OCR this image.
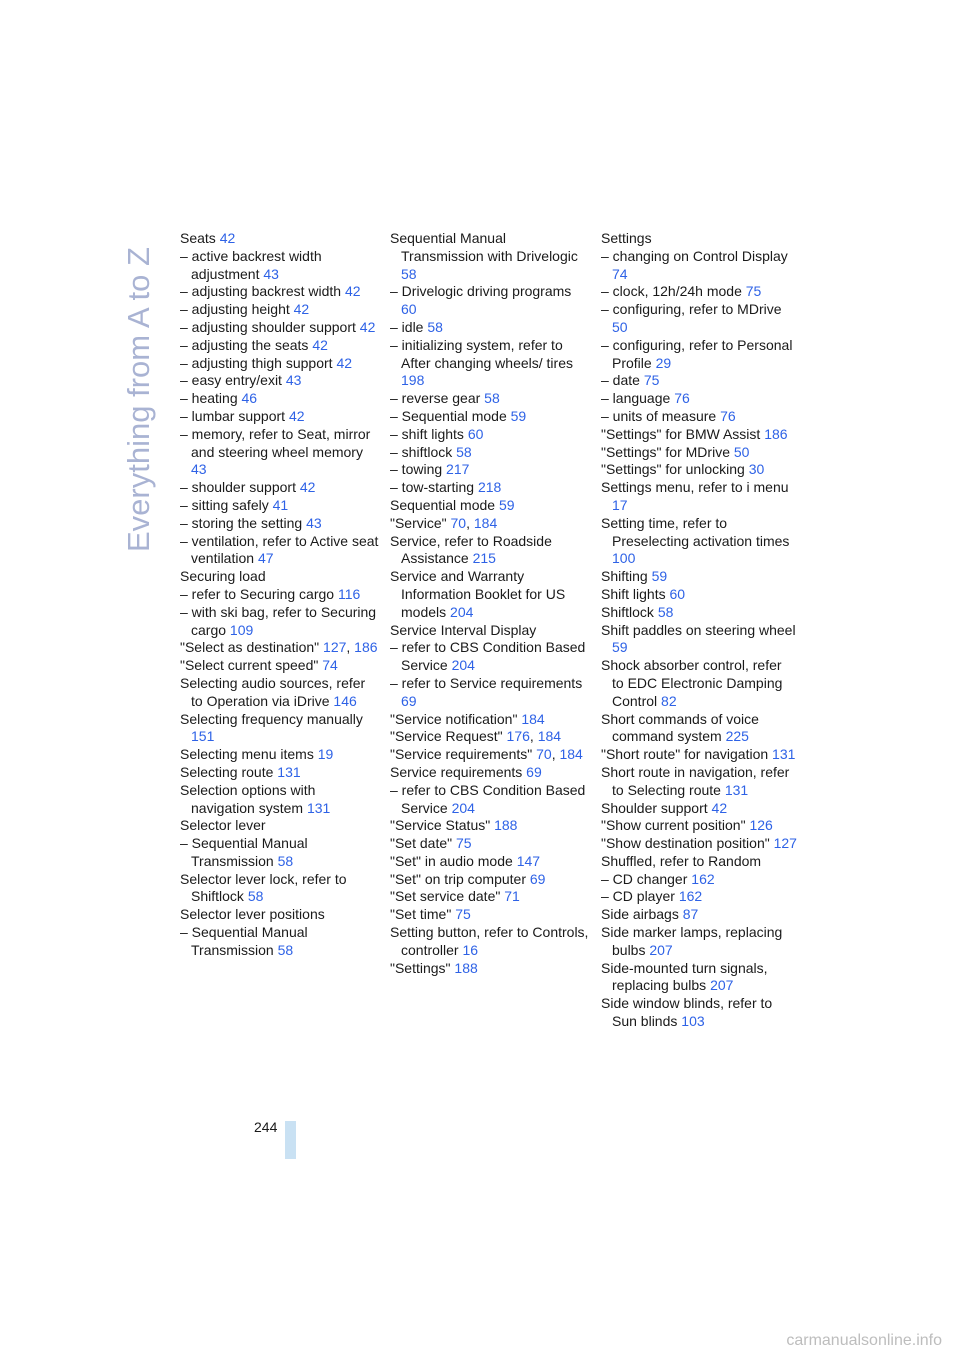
Everything from A to Z

Seats 42

– active backrest width adjustment 43

– adjusting backrest width 42

– adjusting height 42

– adjusting shoulder support 42

– adjusting the seats 42

– adjusting thigh support 42

– easy entry/exit 43

– heating 46

– lumbar support 42

– memory, refer to Seat, mirror and steering wheel memory 43

– shoulder support 42

– sitting safely 41

– storing the setting 43

– ventilation, refer to Active seat ventilation 47

Securing load

– refer to Securing cargo 116

– with ski bag, refer to Securing cargo 109

"Select as destination" 127, 186

"Select current speed" 74

Selecting audio sources, refer to Operation via iDrive 146

Selecting frequency manually 151

Selecting menu items 19

Selecting route 131

Selection options with navigation system 131

Selector lever

– Sequential Manual Transmission 58

Selector lever lock, refer to Shiftlock 58

Selector lever positions

– Sequential Manual Transmission 58

Sequential Manual Transmission with Drivelogic 58

– Drivelogic driving programs 60

– idle 58

– initializing system, refer to After changing wheels/ tires 198

– reverse gear 58

– Sequential mode 59

– shift lights 60

– shiftlock 58

– towing 217

– tow-starting 218

Sequential mode 59

"Service" 70, 184

Service, refer to Roadside Assistance 215

Service and Warranty Information Booklet for US models 204

Service Interval Display

– refer to CBS Condition Based Service 204

– refer to Service requirements 69

"Service notification" 184

"Service Request" 176, 184

"Service requirements" 70, 184

Service requirements 69

– refer to CBS Condition Based Service 204

"Service Status" 188

"Set date" 75

"Set" in audio mode 147

"Set" on trip computer 69

"Set service date" 71

"Set time" 75

Setting button, refer to Controls, controller 16

"Settings" 188

Settings

– changing on Control Display 74

– clock, 12h/24h mode 75

– configuring, refer to MDrive 50

– configuring, refer to Personal Profile 29

– date 75

– language 76

– units of measure 76

"Settings" for BMW Assist 186

"Settings" for MDrive 50

"Settings" for unlocking 30

Settings menu, refer to i menu 17

Setting time, refer to Preselecting activation times 100

Shifting 59

Shift lights 60

Shiftlock 58

Shift paddles on steering wheel 59

Shock absorber control, refer to EDC Electronic Damping Control 82

Short commands of voice command system 225

"Short route" for navigation 131

Short route in navigation, refer to Selecting route 131

Shoulder support 42

"Show current position" 126

"Show destination position" 127

Shuffled, refer to Random

– CD changer 162

– CD player 162

Side airbags 87

Side marker lamps, replacing bulbs 207

Side-mounted turn signals, replacing bulbs 207

Side window blinds, refer to Sun blinds 103

244
carmanualsonline.info
